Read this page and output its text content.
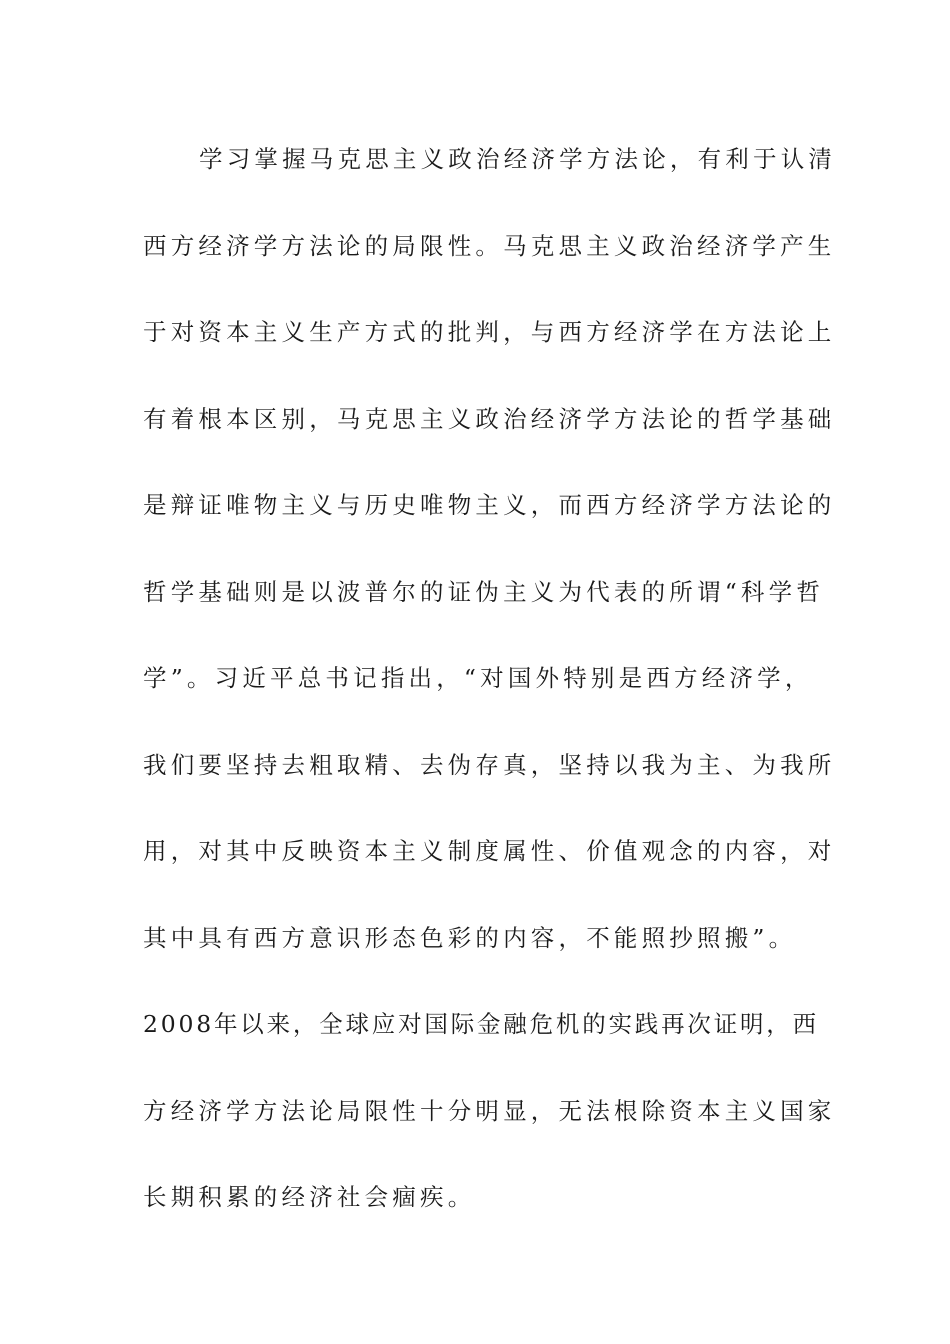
学习掌握马克思主义政治经济学方法论，有利于认清
西方经济学方法论的局限性。马克思主义政治经济学产生
于对资本主义生产方式的批判，与西方经济学在方法论上
有着根本区别，马克思主义政治经济学方法论的哲学基础
是辩证唯物主义与历史唯物主义，而西方经济学方法论的
哲学基础则是以波普尔的证伪主义为代表的所谓“科学哲
学”。习近平总书记指出，“对国外特别是西方经济学，
我们要坚持去粗取精、去伪存真，坚持以我为主、为我所
用，对其中反映资本主义制度属性、价值观念的内容，对
其中具有西方意识形态色彩的内容，不能照抄照搬”。
2008年以来，全球应对国际金融危机的实践再次证明，西
方经济学方法论局限性十分明显，无法根除资本主义国家
长期积累的经济社会痼疾。
